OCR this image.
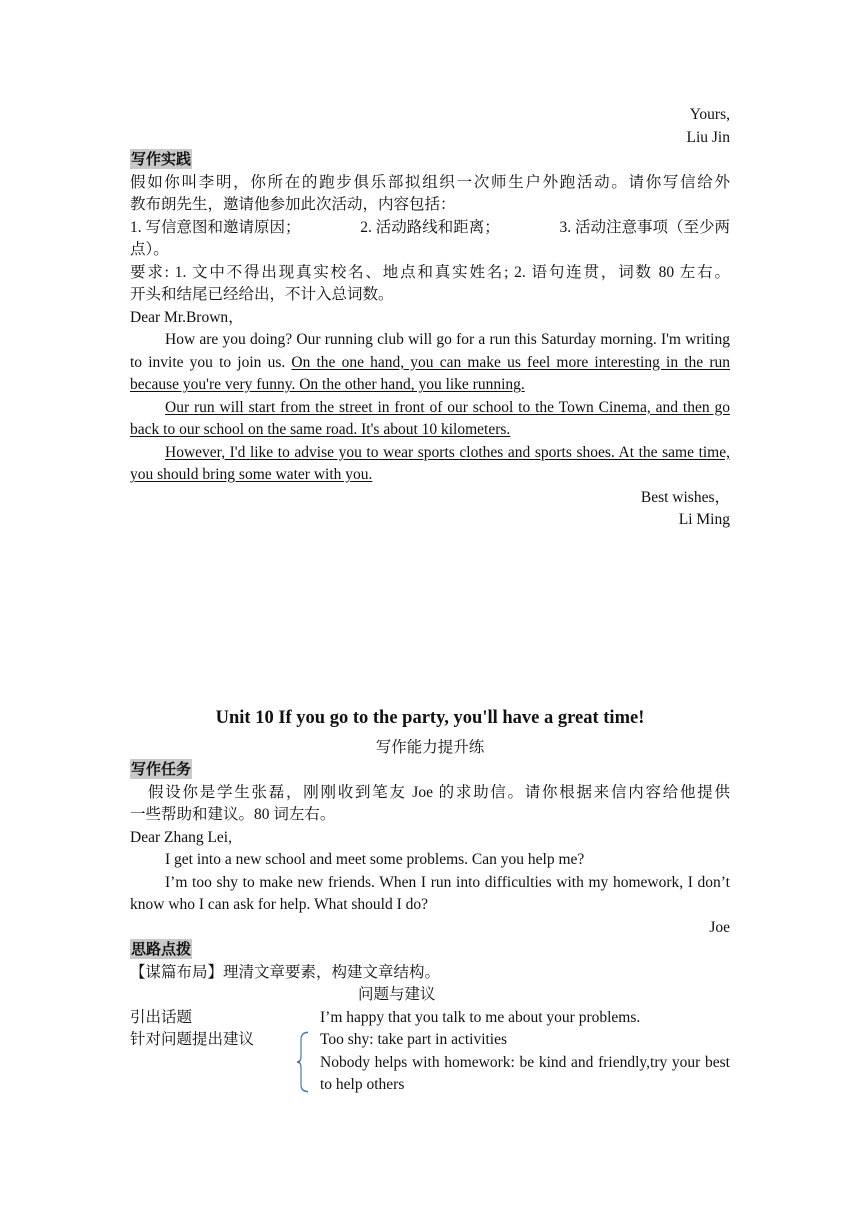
Yours,
Liu Jin
写作实践
假如你叫李明，你所在的跑步俱乐部拟组织一次师生户外跑活动。请你写信给外
教布朗先生，邀请他参加此次活动，内容包括：
1. 写信意图和邀请原因；	2. 活动路线和距离；	3. 活动注意事项（至少两
点）。
要求: 1. 文中不得出现真实校名、地点和真实姓名; 2. 语句连贯，词数 80 左右。
开头和结尾已经给出，不计入总词数。
Dear Mr.Brown，
How are you doing? Our running club will go for a run this Saturday morning. I'm writing to invite you to join us. On the one hand, you can make us feel more interesting in the run because you're very funny. On the other hand, you like running.
Our run will start from the street in front of our school to the Town Cinema, and then go back to our school on the same road. It's about 10 kilometers.
However, I'd like to advise you to wear sports clothes and sports shoes. At the same time, you should bring some water with you.
Best wishes，
Li Ming
Unit 10 If you go to the party, you'll have a great time!
写作能力提升练
写作任务
假设你是学生张磊，刚刚收到笔友 Joe 的求助信。请你根据来信内容给他提供
一些帮助和建议。80 词左右。
Dear Zhang Lei,
I get into a new school and meet some problems. Can you help me?
I’m too shy to make new friends. When I run into difficulties with my homework, I don’t know who I can ask for help. What should I do?
Joe
思路点拨
【谋篇布局】理清文章要素，构建文章结构。
问题与建议
引出话题	I’m happy that you talk to me about your problems.
针对问题提出建议	Too shy: take part in activities
Nobody helps with homework: be kind and friendly,try your best to help others
